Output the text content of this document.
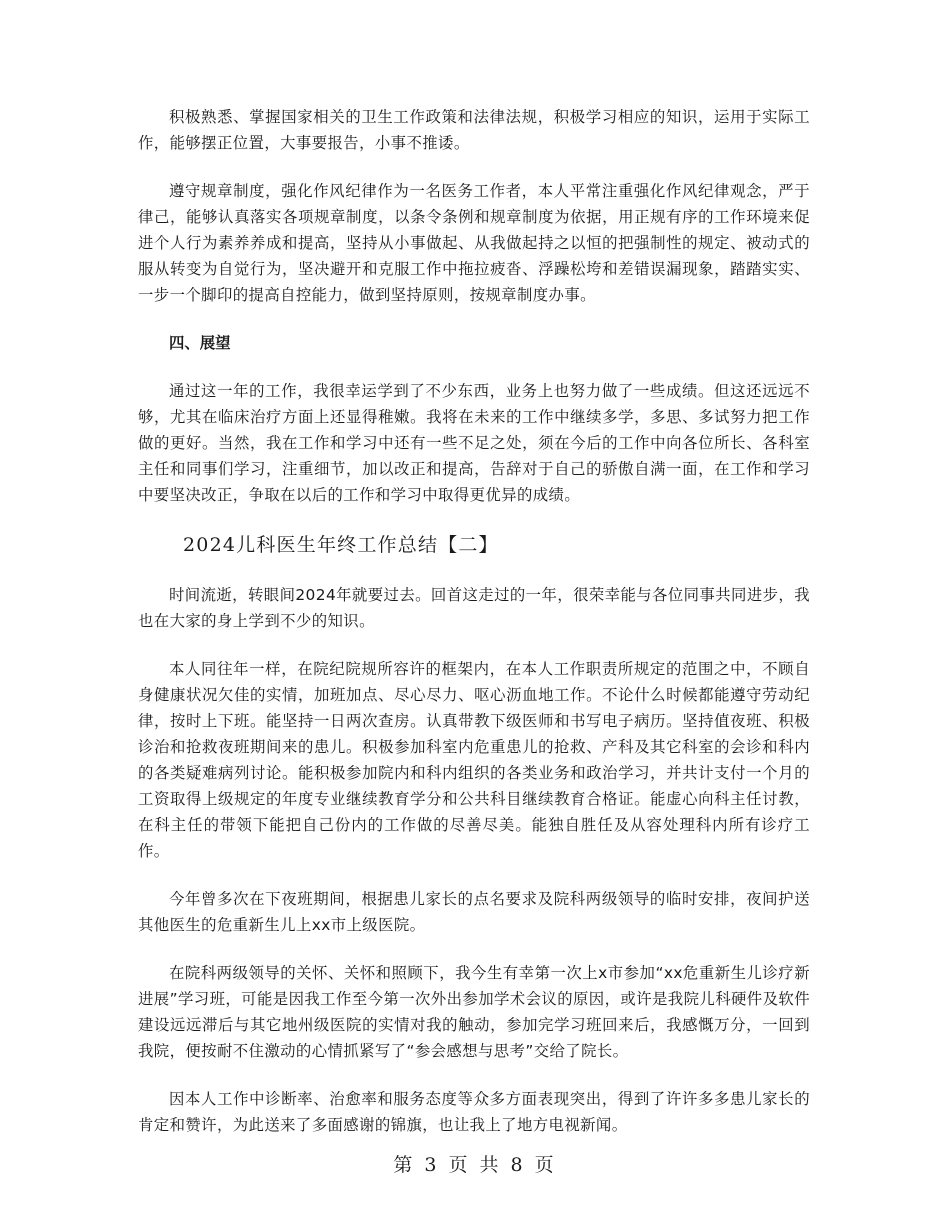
积极熟悉、掌握国家相关的卫生工作政策和法律法规，积极学习相应的知识，运用于实际工作，能够摆正位置，大事要报告，小事不推诿。

遵守规章制度，强化作风纪律作为一名医务工作者，本人平常注重强化作风纪律观念，严于律己，能够认真落实各项规章制度，以条令条例和规章制度为依据，用正规有序的工作环境来促进个人行为素养养成和提高，坚持从小事做起、从我做起持之以恒的把强制性的规定、被动式的服从转变为自觉行为，坚决避开和克服工作中拖拉疲沓、浮躁松垮和差错误漏现象，踏踏实实、一步一个脚印的提高自控能力，做到坚持原则，按规章制度办事。

四、展望

通过这一年的工作，我很幸运学到了不少东西，业务上也努力做了一些成绩。但这还远远不够，尤其在临床治疗方面上还显得稚嫩。我将在未来的工作中继续多学，多思、多试努力把工作做的更好。当然，我在工作和学习中还有一些不足之处，须在今后的工作中向各位所长、各科室主任和同事们学习，注重细节，加以改正和提高，告辞对于自己的骄傲自满一面，在工作和学习中要坚决改正，争取在以后的工作和学习中取得更优异的成绩。

2024儿科医生年终工作总结【二】

时间流逝，转眼间2024年就要过去。回首这走过的一年，很荣幸能与各位同事共同进步，我也在大家的身上学到不少的知识。

本人同往年一样，在院纪院规所容许的框架内，在本人工作职责所规定的范围之中，不顾自身健康状况欠佳的实情，加班加点、尽心尽力、呕心沥血地工作。不论什么时候都能遵守劳动纪律，按时上下班。能坚持一日两次查房。认真带教下级医师和书写电子病历。坚持值夜班、积极诊治和抢救夜班期间来的患儿。积极参加科室内危重患儿的抢救、产科及其它科室的会诊和科内的各类疑难病列讨论。能积极参加院内和科内组织的各类业务和政治学习，并共计支付一个月的工资取得上级规定的年度专业继续教育学分和公共科目继续教育合格证。能虚心向科主任讨教，在科主任的带领下能把自己份内的工作做的尽善尽美。能独自胜任及从容处理科内所有诊疗工作。

今年曾多次在下夜班期间，根据患儿家长的点名要求及院科两级领导的临时安排，夜间护送其他医生的危重新生儿上xx市上级医院。

在院科两级领导的关怀、关怀和照顾下，我今生有幸第一次上x市参加“xx危重新生儿诊疗新进展”学习班，可能是因我工作至今第一次外出参加学术会议的原因，或许是我院儿科硬件及软件建设远远滞后与其它地州级医院的实情对我的触动，参加完学习班回来后，我感慨万分，一回到我院，便按耐不住激动的心情抓紧写了“参会感想与思考”交给了院长。

因本人工作中诊断率、治愈率和服务态度等众多方面表现突出，得到了许许多多患儿家长的肯定和赞许，为此送来了多面感谢的锦旗，也让我上了地方电视新闻。

第 3 页 共 8 页
